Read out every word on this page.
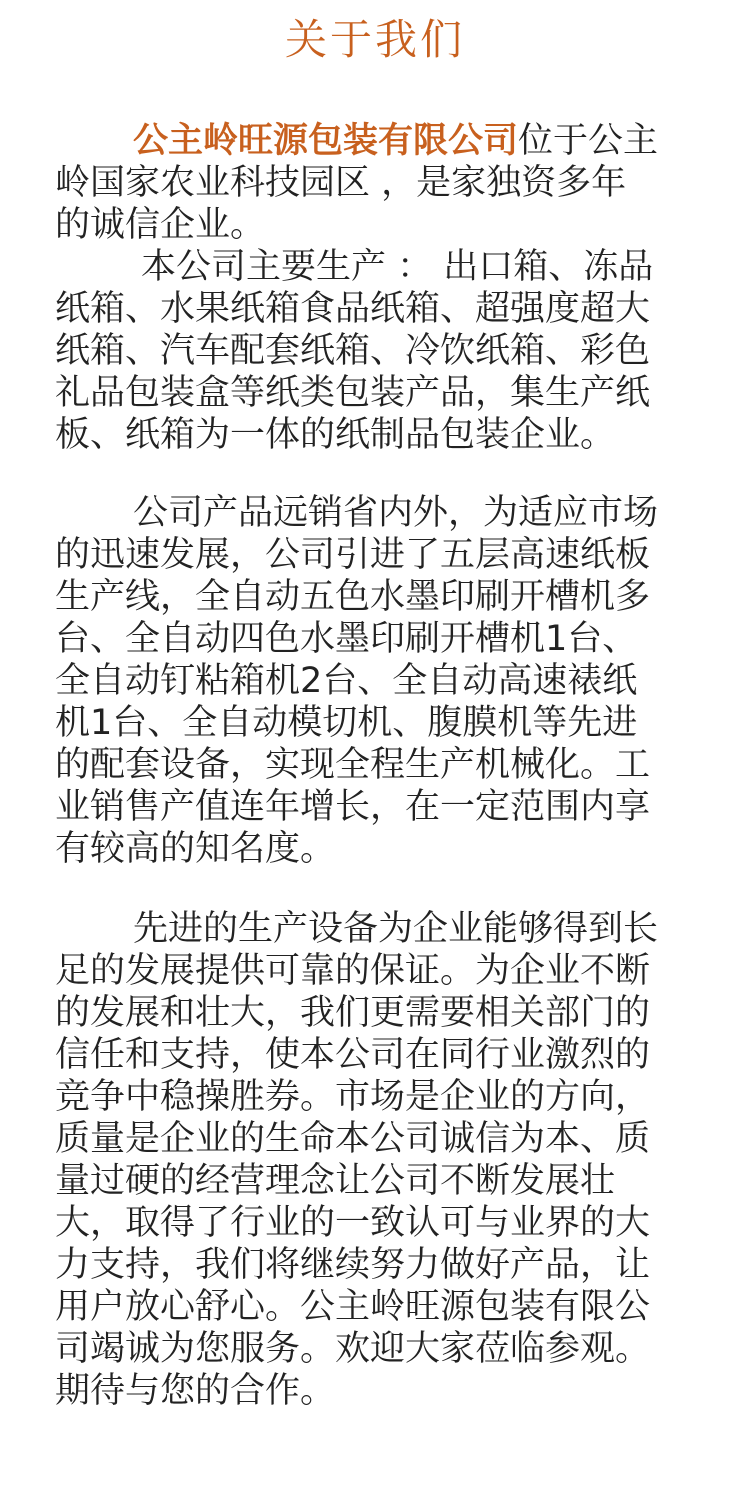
关于我们
公主岭旺源包装有限公司位于公主
岭国家农业科技园区 ，是家独资多年
的诚信企业。
本公司主要生产 ： 出口箱、冻品
纸箱、水果纸箱食品纸箱、超强度超大
纸箱、汽车配套纸箱、冷饮纸箱、彩色
礼品包装盒等纸类包装产品，集生产纸
板、纸箱为一体的纸制品包装企业。
公司产品远销省内外，为适应市场
的迅速发展，公司引进了五层高速纸板
生产线，全自动五色水墨印刷开槽机多
台、全自动四色水墨印刷开槽机1台、
全自动钉粘箱机2台、全自动高速裱纸
机1台、全自动模切机、腹膜机等先进
的配套设备，实现全程生产机械化。工
业销售产值连年增长，在一定范围内享
有较高的知名度。
先进的生产设备为企业能够得到长
足的发展提供可靠的保证。为企业不断
的发展和壮大，我们更需要相关部门的
信任和支持，使本公司在同行业激烈的
竞争中稳操胜券。市场是企业的方向，
质量是企业的生命本公司诚信为本、质
量过硬的经营理念让公司不断发展壮
大，取得了行业的一致认可与业界的大
力支持，我们将继续努力做好产品，让
用户放心舒心。公主岭旺源包装有限公
司竭诚为您服务。欢迎大家莅临参观。
期待与您的合作。
